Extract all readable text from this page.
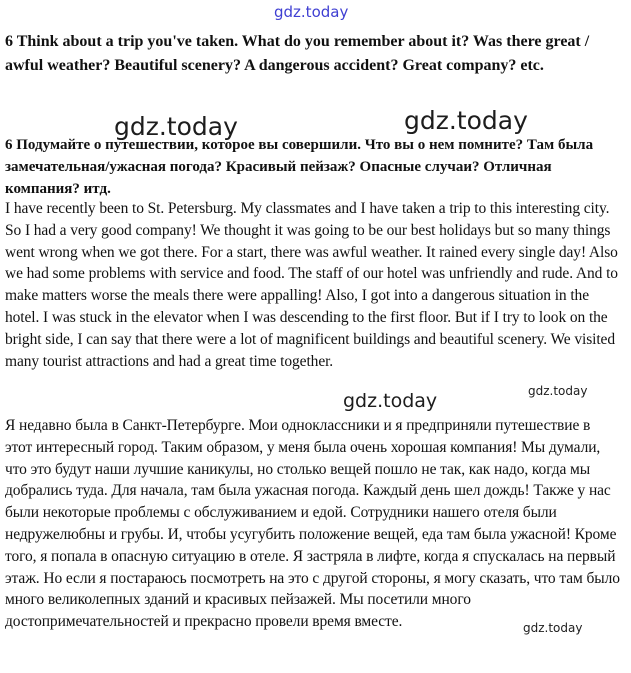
gdz.today

6 Think about a trip you've taken. What do you remember about it? Was there great / awful weather? Beautiful scenery? A dangerous accident? Great company? etc.

gdz.today	gdz.today

6 Подумайте о путешествии, которое вы совершили. Что вы о нем помните? Там была замечательная/ужасная погода? Красивый пейзаж? Опасные случаи? Отличная компания? итд.

I have recently been to St. Petersburg. My classmates and I have taken a trip to this interesting city. So I had a very good company! We thought it was going to be our best holidays but so many things went wrong when we got there. For a start, there was awful weather. It rained every single day! Also we had some problems with service and food. The staff of our hotel was unfriendly and rude. And to make matters worse the meals there were appalling! Also, I got into a dangerous situation in the hotel. I was stuck in the elevator when I was descending to the first floor. But if I try to look on the bright side, I can say that there were a lot of magnificent buildings and beautiful scenery. We visited many tourist attractions and had a great time together.

gdz.today
gdz.today

Я недавно была в Санкт-Петербурге. Мои одноклассники и я предприняли путешествие в этот интересный город. Таким образом, у меня была очень хорошая компания! Мы думали, что это будут наши лучшие каникулы, но столько вещей пошло не так, как надо, когда мы добрались туда. Для начала, там была ужасная погода. Каждый день шел дождь! Также у нас были некоторые проблемы с обслуживанием и едой. Сотрудники нашего отеля были недружелюбны и грубы. И, чтобы усугубить положение вещей, еда там была ужасной! Кроме того, я попала в опасную ситуацию в отеле. Я застряла в лифте, когда я спускалась на первый этаж. Но если я постараюсь посмотреть на это с другой стороны, я могу сказать, что там было много великолепных зданий и красивых пейзажей. Мы посетили много достопримечательностей и прекрасно провели время вместе.	gdz.today
